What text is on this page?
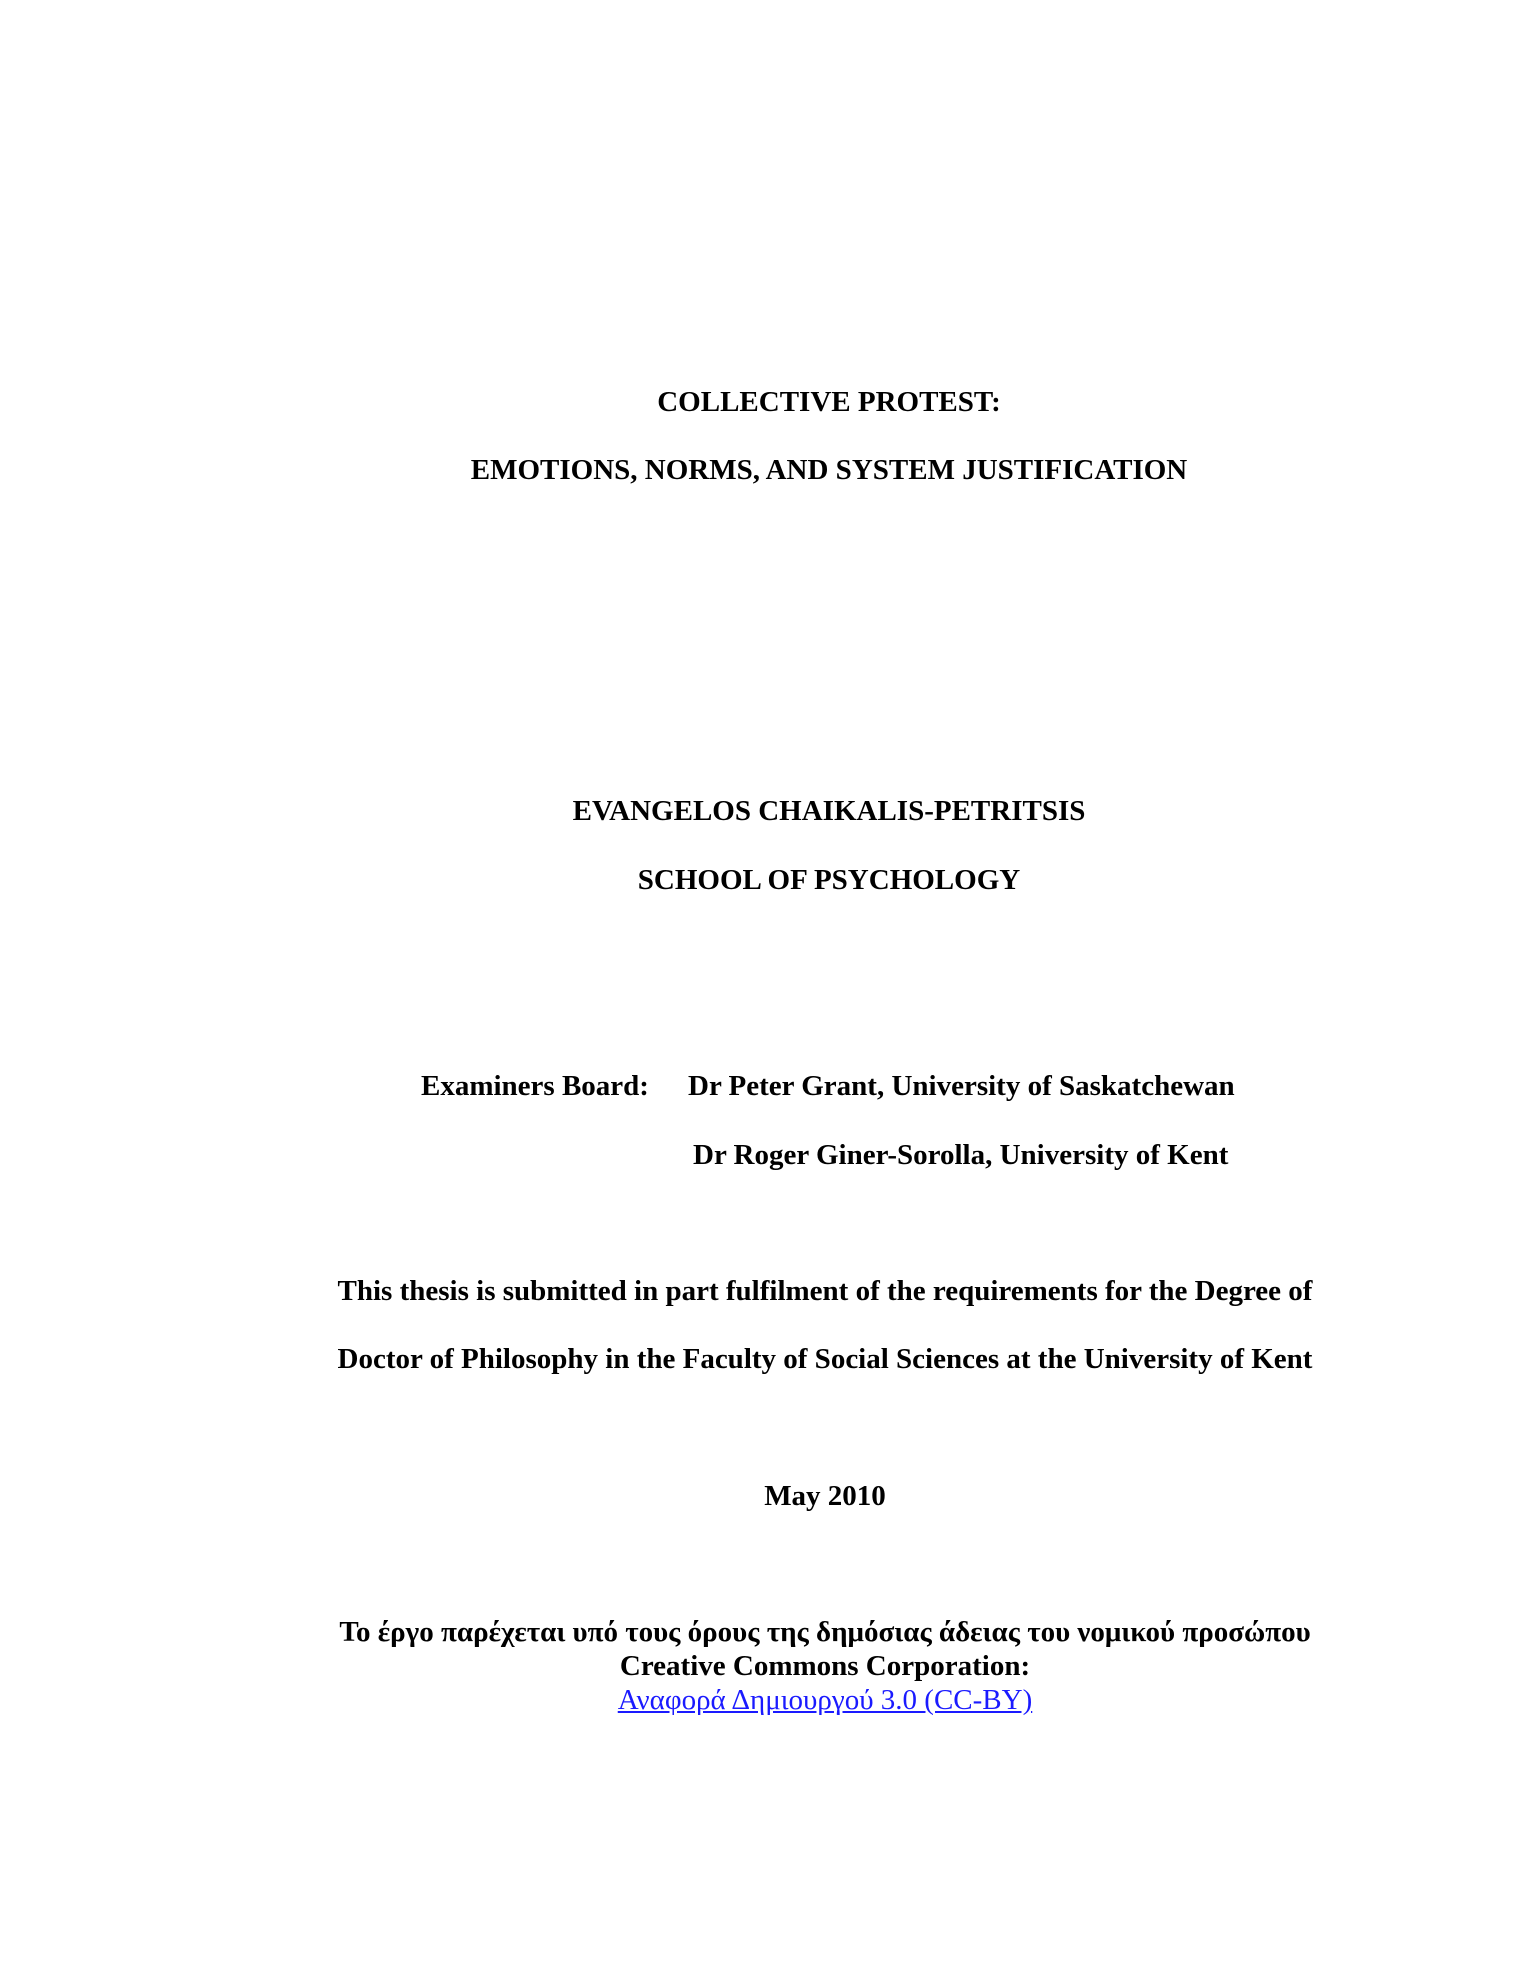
COLLECTIVE PROTEST:
EMOTIONS, NORMS, AND SYSTEM JUSTIFICATION
EVANGELOS CHAIKALIS-PETRITSIS
SCHOOL OF PSYCHOLOGY
Examiners Board: Dr Peter Grant, University of Saskatchewan
Dr Roger Giner-Sorolla, University of Kent
This thesis is submitted in part fulfilment of the requirements for the Degree of
Doctor of Philosophy in the Faculty of Social Sciences at the University of Kent
May 2010
Το έργο παρέχεται υπό τους όρους της δημόσιας άδειας του νομικού προσώπου
Creative Commons Corporation:
Αναφορά Δημιουργού 3.0 (CC-BY)
